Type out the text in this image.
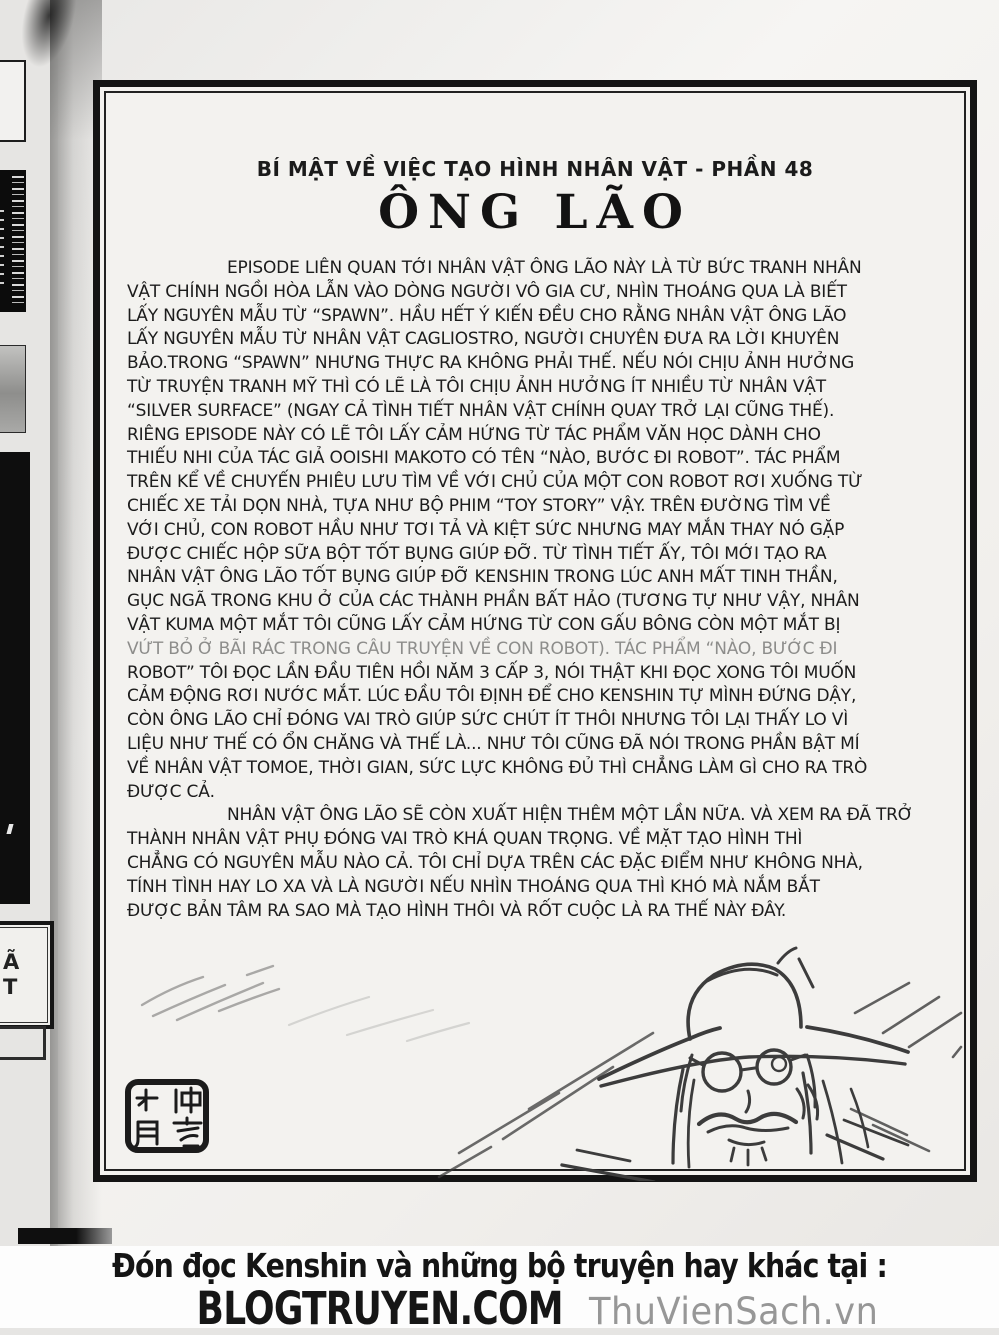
Ã
T
BÍ MẬT VỀ VIỆC TẠO HÌNH NHÂN VẬT - PHẦN 48
ÔNG LÃO
EPISODE LIÊN QUAN TỚI NHÂN VẬT ÔNG LÃO NÀY LÀ TỪ BỨC TRANH NHÂN
VẬT CHÍNH NGỒI HÒA LẪN VÀO DÒNG NGƯỜI VÔ GIA CƯ, NHÌN THOÁNG QUA LÀ BIẾT
LẤY NGUYÊN MẪU TỪ “SPAWN”. HẦU HẾT Ý KIẾN ĐỀU CHO RẰNG NHÂN VẬT ÔNG LÃO
LẤY NGUYÊN MẪU TỪ NHÂN VẬT CAGLIOSTRO, NGƯỜI CHUYÊN ĐƯA RA LỜI KHUYÊN
BẢO.TRONG “SPAWN” NHƯNG THỰC RA KHÔNG PHẢI THẾ. NẾU NÓI CHỊU ẢNH HƯỞNG
TỪ TRUYỆN TRANH MỸ THÌ CÓ LẼ LÀ TÔI CHỊU ẢNH HƯỞNG ÍT NHIỀU TỪ NHÂN VẬT
“SILVER SURFACE” (NGAY CẢ TÌNH TIẾT NHÂN VẬT CHÍNH QUAY TRỞ LẠI CŨNG THẾ).
RIÊNG EPISODE NÀY CÓ LẼ TÔI LẤY CẢM HỨNG TỪ TÁC PHẨM VĂN HỌC DÀNH CHO
THIẾU NHI CỦA TÁC GIẢ OOISHI MAKOTO CÓ TÊN “NÀO, BƯỚC ĐI ROBOT”. TÁC PHẨM
TRÊN KỂ VỀ CHUYẾN PHIÊU LƯU TÌM VỀ VỚI CHỦ CỦA MỘT CON ROBOT RƠI XUỐNG TỪ
CHIẾC XE TẢI DỌN NHÀ, TỰA NHƯ BỘ PHIM “TOY STORY” VẬY. TRÊN ĐƯỜNG TÌM VỀ
VỚI CHỦ, CON ROBOT HẦU NHƯ TƠI TẢ VÀ KIỆT SỨC NHƯNG MAY MẮN THAY NÓ GẶP
ĐƯỢC CHIẾC HỘP SỮA BỘT TỐT BỤNG GIÚP ĐỠ. TỪ TÌNH TIẾT ẤY, TÔI MỚI TẠO RA
NHÂN VẬT ÔNG LÃO TỐT BỤNG GIÚP ĐỠ KENSHIN TRONG LÚC ANH MẤT TINH THẦN,
GỤC NGÃ TRONG KHU Ở CỦA CÁC THÀNH PHẦN BẤT HẢO (TƯƠNG TỰ NHƯ VẬY, NHÂN
VẬT KUMA MỘT MẮT TÔI CŨNG LẤY CẢM HỨNG TỪ CON GẤU BÔNG CÒN MỘT MẮT BỊ
VỨT BỎ Ở BÃI RÁC TRONG CÂU TRUYỆN VỀ CON ROBOT). TÁC PHẨM “NÀO, BƯỚC ĐI
ROBOT” TÔI ĐỌC LẦN ĐẦU TIÊN HỒI NĂM 3 CẤP 3, NÓI THẬT KHI ĐỌC XONG TÔI MUỐN
CẢM ĐỘNG RƠI NƯỚC MẮT. LÚC ĐẦU TÔI ĐỊNH ĐỂ CHO KENSHIN TỰ MÌNH ĐỨNG DẬY,
CÒN ÔNG LÃO CHỈ ĐÓNG VAI TRÒ GIÚP SỨC CHÚT ÍT THÔI NHƯNG TÔI LẠI THẤY LO VÌ
LIỆU NHƯ THẾ CÓ ỔN CHĂNG VÀ THẾ LÀ... NHƯ TÔI CŨNG ĐÃ NÓI TRONG PHẦN BẬT MÍ
VỀ NHÂN VẬT TOMOE, THỜI GIAN, SỨC LỰC KHÔNG ĐỦ THÌ CHẲNG LÀM GÌ CHO RA TRÒ
ĐƯỢC CẢ.
NHÂN VẬT ÔNG LÃO SẼ CÒN XUẤT HIỆN THÊM MỘT LẦN NỮA. VÀ XEM RA ĐÃ TRỞ
THÀNH NHÂN VẬT PHỤ ĐÓNG VAI TRÒ KHÁ QUAN TRỌNG. VỀ MẶT TẠO HÌNH THÌ
CHẲNG CÓ NGUYÊN MẪU NÀO CẢ. TÔI CHỈ DỰA TRÊN CÁC ĐẶC ĐIỂM NHƯ KHÔNG NHÀ,
TÍNH TÌNH HAY LO XA VÀ LÀ NGƯỜI NẾU NHÌN THOÁNG QUA THÌ KHÓ MÀ NẮM BẮT
ĐƯỢC BẢN TÂM RA SAO MÀ TẠO HÌNH THÔI VÀ RỐT CUỘC LÀ RA THẾ NÀY ĐÂY.
Đón đọc Kenshin và những bộ truyện hay khác tại :
BLOGTRUYEN.COM ThuVienSach.vn
